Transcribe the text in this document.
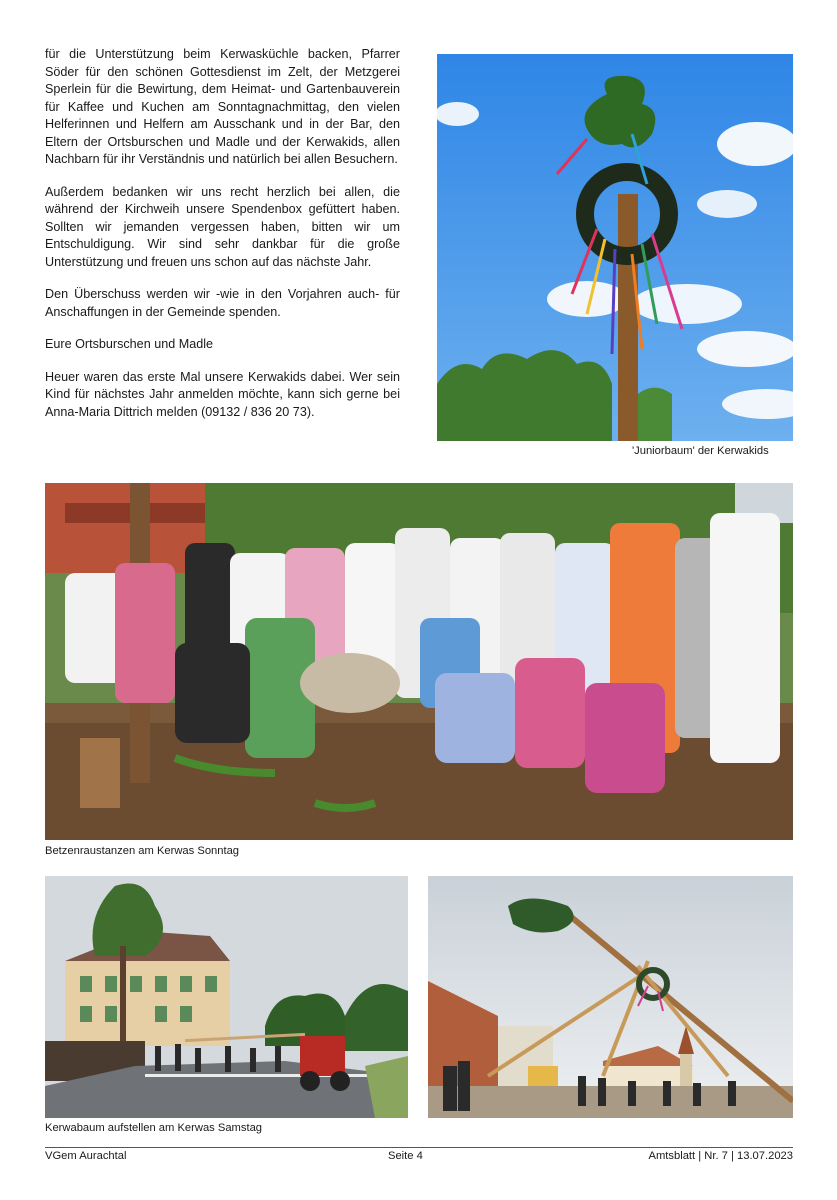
für die Unterstützung beim Kerwasküchle backen, Pfarrer Söder für den schönen Gottesdienst im Zelt, der Metzgerei Sperlein für die Bewirtung, dem Heimat- und Gartenbauverein für Kaffee und Kuchen am Sonntagnachmittag, den vielen Helferinnen und Helfern am Ausschank und in der Bar, den Eltern der Ortsburschen und Madle und der Kerwakids, allen Nachbarn für ihr Verständnis und natürlich bei allen Besuchern.

Außerdem bedanken wir uns recht herzlich bei allen, die während der Kirchweih unsere Spendenbox gefüttert haben. Sollten wir jemanden vergessen haben, bitten wir um Entschuldigung. Wir sind sehr dankbar für die große Unterstützung und freuen uns schon auf das nächste Jahr.

Den Überschuss werden wir -wie in den Vorjahren auch- für Anschaffungen in der Gemeinde spenden.

Eure Ortsburschen und Madle

Heuer waren das erste Mal unsere Kerwakids dabei. Wer sein Kind für nächstes Jahr anmelden möchte, kann sich gerne bei Anna-Maria Dittrich melden (09132 / 836 20 73).

'Juniorbaum' der Kerwakids
Betzenraustanzen am Kerwas Sonntag
Kerwabaum aufstellen am Kerwas Samstag
VGem Aurachtal	Seite 4	Amtsblatt | Nr. 7 | 13.07.2023
